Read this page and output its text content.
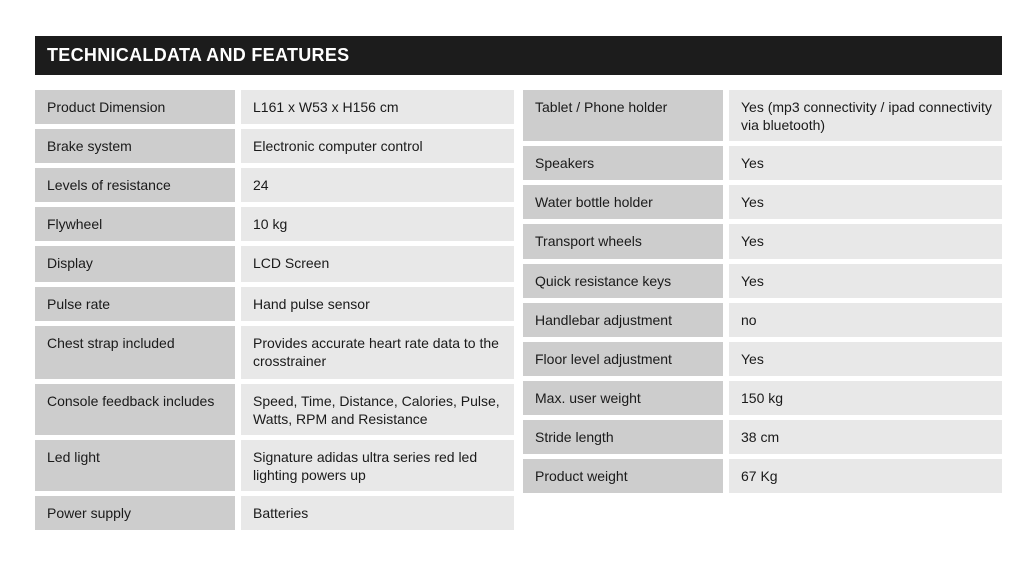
TECHNICALDATA AND FEATURES
Product Dimension	L161 x W53 x H156 cm
Brake system	Electronic computer control
Levels of resistance	24
Flywheel	10 kg
Display	LCD Screen
Pulse rate	Hand pulse sensor
Chest strap included	Provides accurate heart rate data to the crosstrainer
Console feedback includes	Speed, Time, Distance, Calories, Pulse, Watts, RPM and Resistance
Led light	Signature adidas ultra series red led lighting powers up
Power supply	Batteries
Tablet / Phone holder	Yes (mp3 connectivity / ipad connectivity via bluetooth)
Speakers	Yes
Water bottle holder	Yes
Transport wheels	Yes
Quick resistance keys	Yes
Handlebar adjustment	no
Floor level adjustment	Yes
Max. user weight	150 kg
Stride length	38 cm
Product weight	67 Kg
